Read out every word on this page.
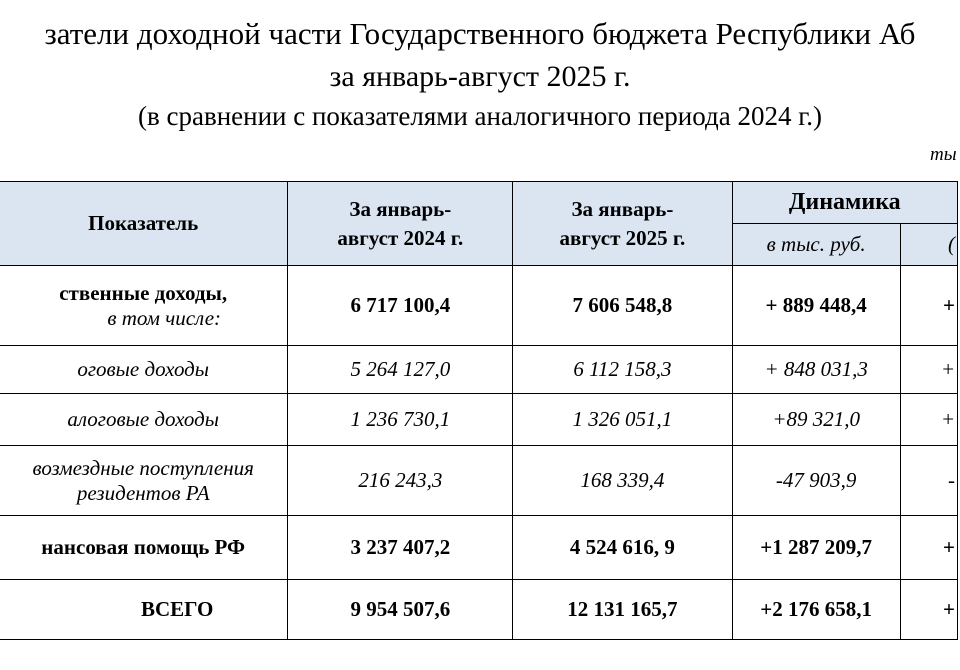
затели доходной части Государственного бюджета Республики Аб
за январь-август 2025 г.
(в сравнении с показателями аналогичного периода 2024 г.)
ты
Показатель	За январь-август 2024 г.	За январь-август 2025 г.	Динамика	
			в тыс. руб.	(

ственные доходы,
в том числе:	6 717 100,4	7 606 548,8	+ 889 448,4	+
оговые доходы	5 264 127,0	6 112 158,3	+ 848 031,3	+
алоговые доходы	1 236 730,1	1 326 051,1	+89 321,0	+

возмездные поступления
резидентов РА	216 243,3	168 339,4	-47 903,9	-
нансовая помощь РФ	3 237 407,2	4 524 616, 9	+1 287 209,7	+
ВСЕГО	9 954 507,6	12 131 165,7	+2 176 658,1	+
